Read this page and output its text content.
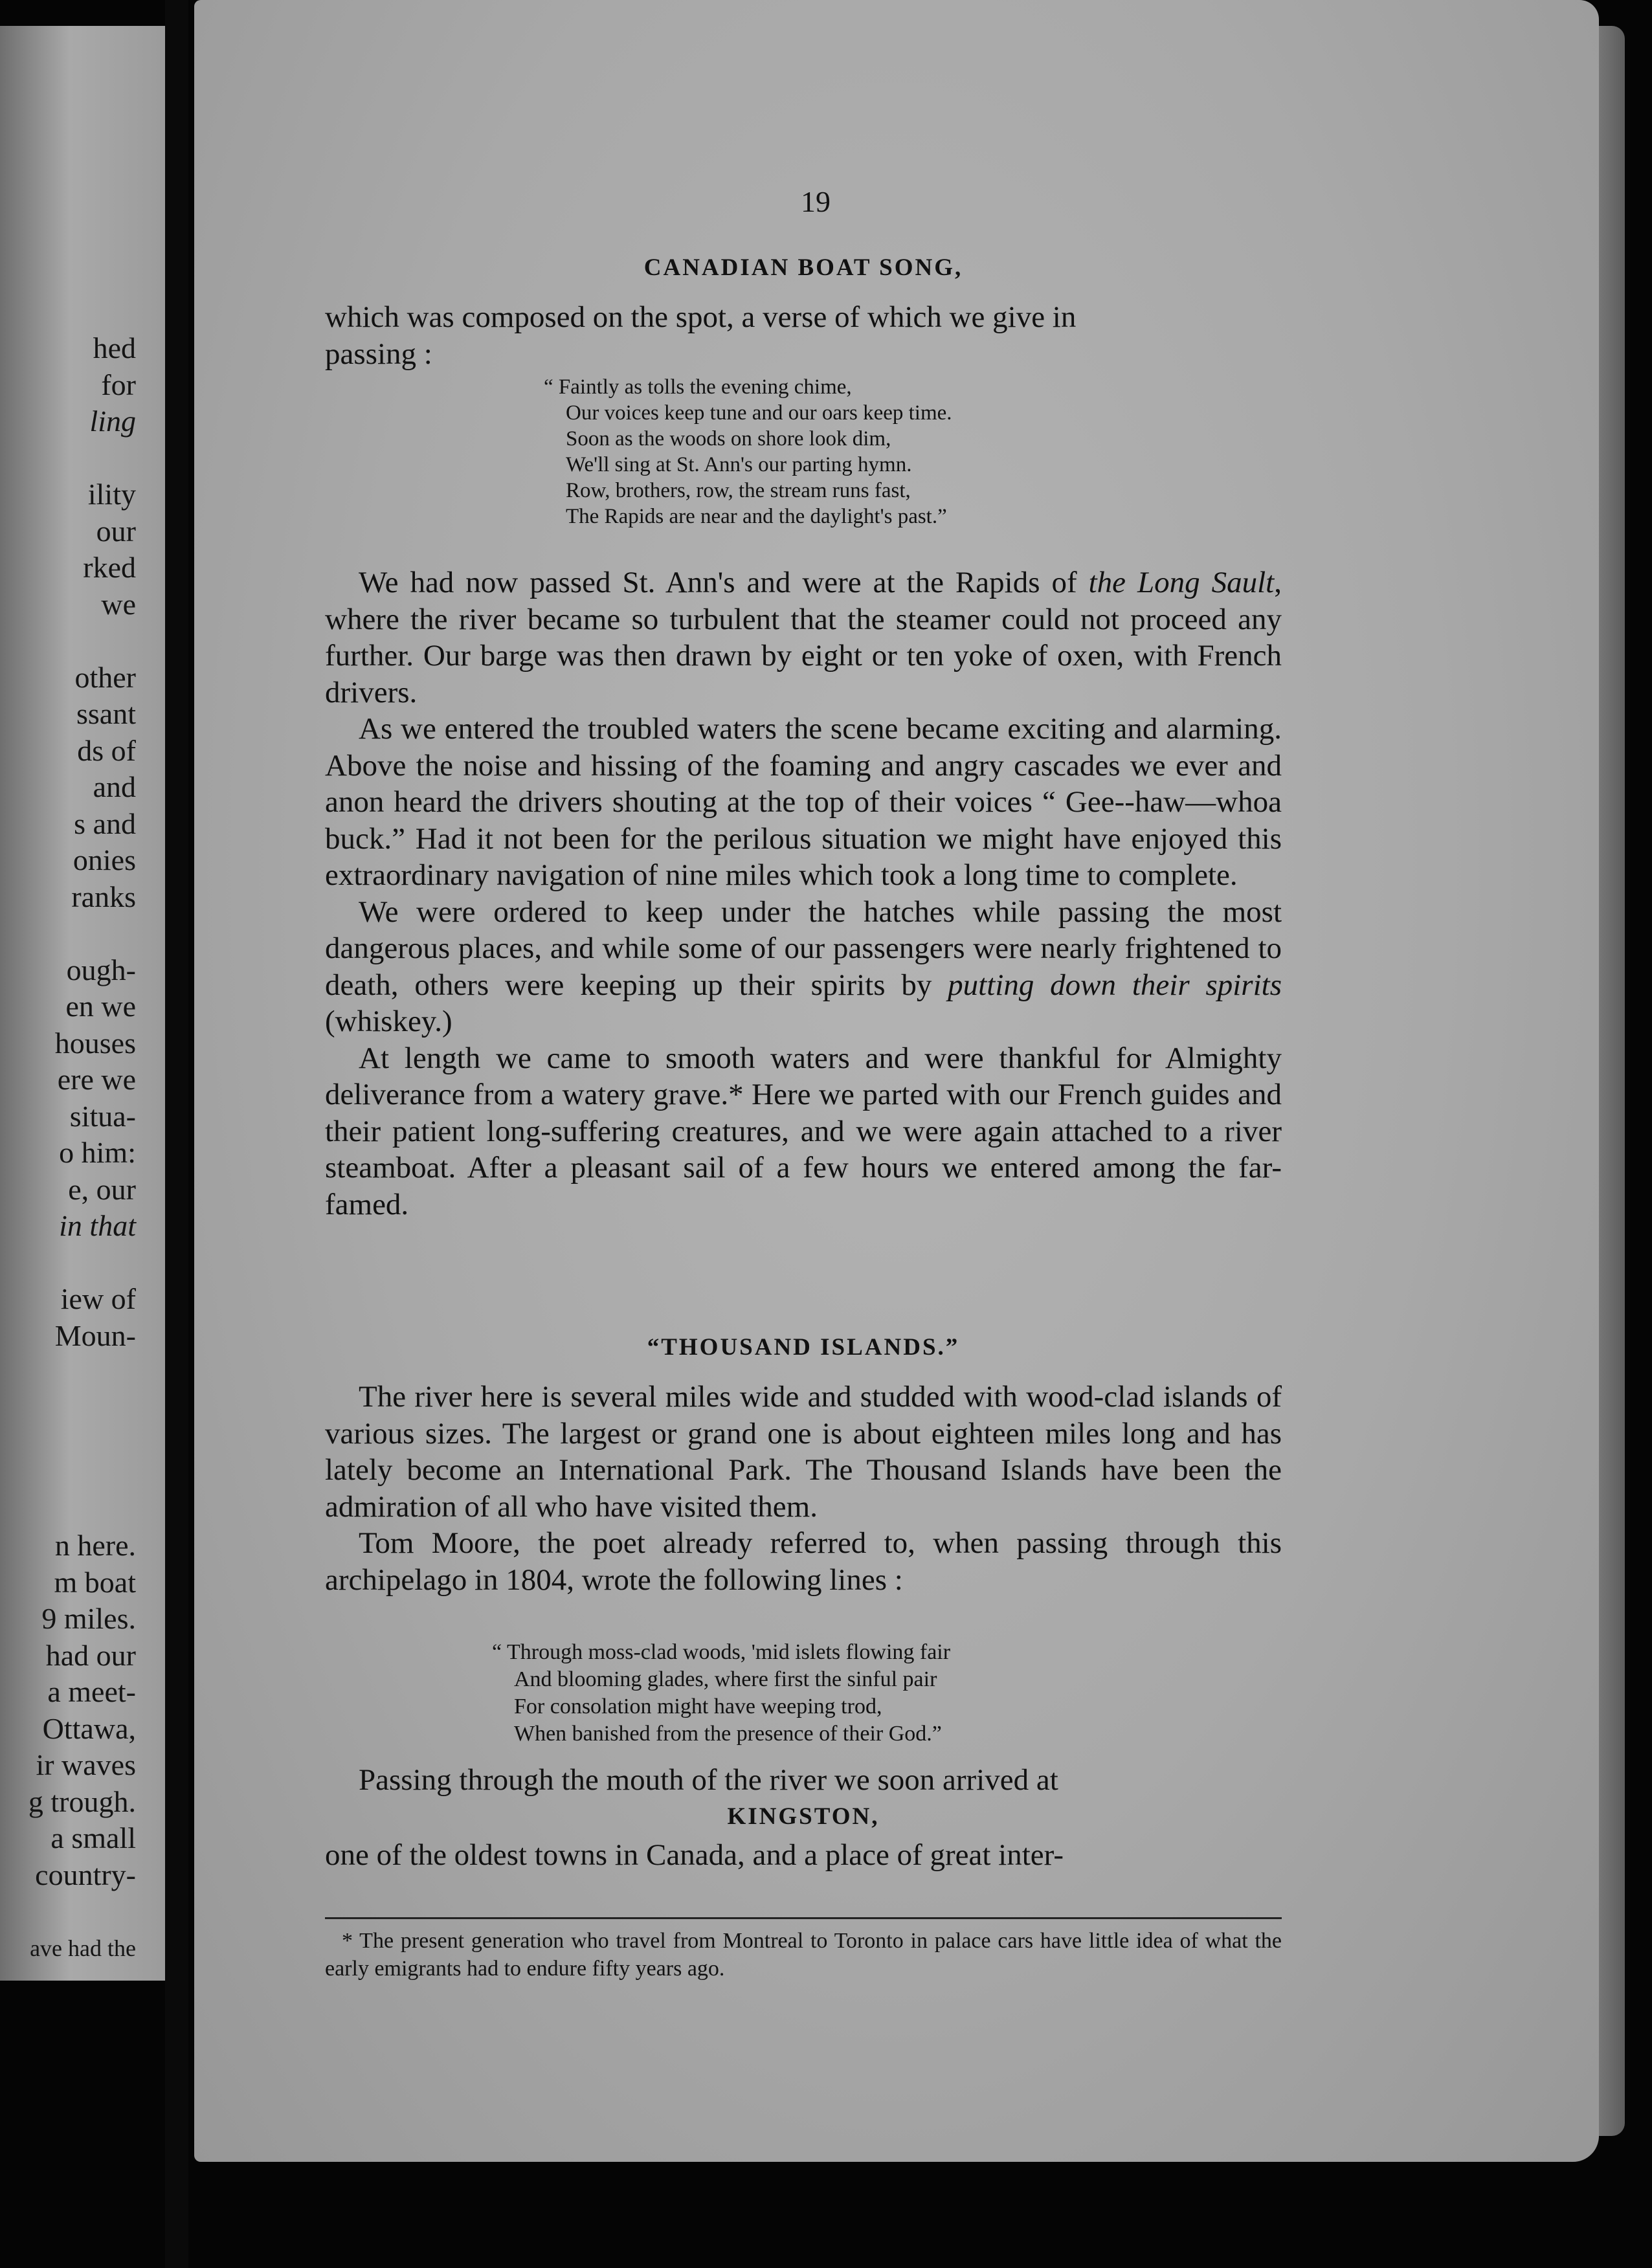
hed
for
ling
ility
our
rked
we
other
ssant
ds of
and
s and
onies
ranks
ough-
en we
houses
ere we
situa-
o him:
e, our
in that
iew of
Moun-
n here.
m boat
9 miles.
had our
a meet-
Ottawa,
ir waves
g trough.
a small
country-
ave had the
19
CANADIAN BOAT SONG,
which was composed on the spot, a verse of which we give in
passing :
“ Faintly as tolls the evening chime,
Our voices keep tune and our oars keep time.
Soon as the woods on shore look dim,
We'll sing at St. Ann's our parting hymn.
Row, brothers, row, the stream runs fast,
The Rapids are near and the daylight's past.”

We had now passed St. Ann's and were at the Rapids of the Long Sault, where the river became so turbulent that the steamer could not proceed any further. Our barge was then drawn by eight or ten yoke of oxen, with French drivers.

As we entered the troubled waters the scene became exciting and alarming. Above the noise and hissing of the foaming and angry cascades we ever and anon heard the drivers shouting at the top of their voices “ Gee--haw—whoa buck.” Had it not been for the perilous situation we might have enjoyed this extraordinary navigation of nine miles which took a long time to complete.

We were ordered to keep under the hatches while passing the most dangerous places, and while some of our passengers were nearly frightened to death, others were keeping up their spirits by putting down their spirits (whiskey.)

At length we came to smooth waters and were thankful for Almighty deliverance from a watery grave.* Here we parted with our French guides and their patient long-suffering creatures, and we were again attached to a river steamboat. After a pleasant sail of a few hours we entered among the far-famed.

“THOUSAND ISLANDS.”

The river here is several miles wide and studded with wood-clad islands of various sizes. The largest or grand one is about eighteen miles long and has lately become an International Park. The Thousand Islands have been the admiration of all who have visited them.

Tom Moore, the poet already referred to, when passing through this archipelago in 1804, wrote the following lines :

“ Through moss-clad woods, 'mid islets flowing fair
And blooming glades, where first the sinful pair
For consolation might have weeping trod,
When banished from the presence of their God.”

Passing through the mouth of the river we soon arrived at

KINGSTON,

one of the oldest towns in Canada, and a place of great inter-

* The present generation who travel from Montreal to Toronto in palace cars have little idea of what the early emigrants had to endure fifty years ago.
